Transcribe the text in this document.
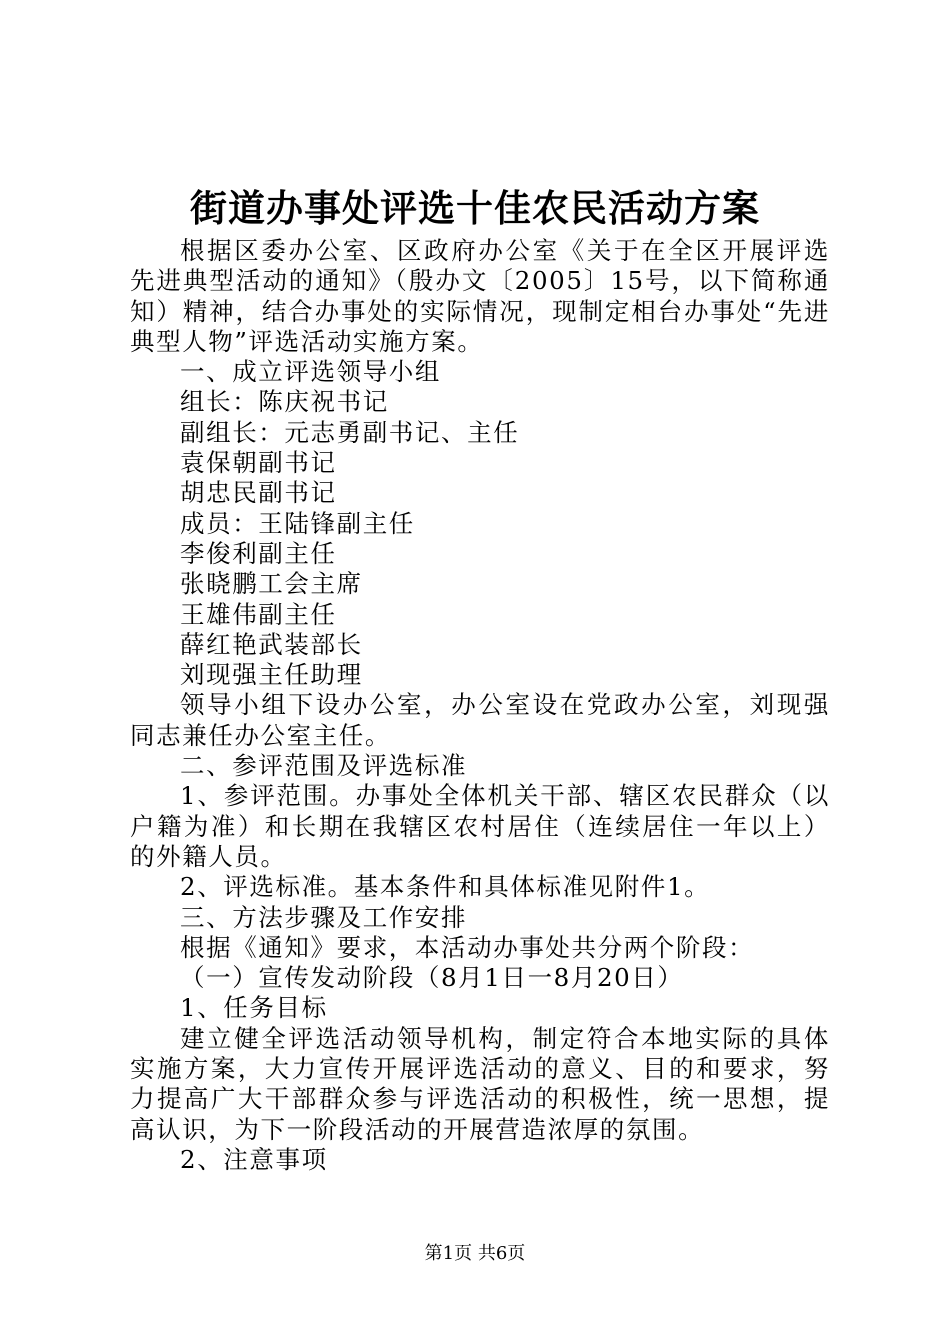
街道办事处评选十佳农民活动方案

根据区委办公室、区政府办公室《关于在全区开展评选先进典型活动的通知》（殷办文〔2005〕15号，以下简称通知）精神，结合办事处的实际情况，现制定相台办事处“先进典型人物”评选活动实施方案。

一、成立评选领导小组

组长：陈庆祝书记

副组长：元志勇副书记、主任

袁保朝副书记

胡忠民副书记

成员：王陆锋副主任

李俊利副主任

张晓鹏工会主席

王雄伟副主任

薛红艳武装部长

刘现强主任助理

领导小组下设办公室，办公室设在党政办公室，刘现强同志兼任办公室主任。

二、参评范围及评选标准

1、参评范围。办事处全体机关干部、辖区农民群众（以户籍为准）和长期在我辖区农村居住（连续居住一年以上）的外籍人员。

2、评选标准。基本条件和具体标准见附件1。

三、方法步骤及工作安排

根据《通知》要求，本活动办事处共分两个阶段：

（一）宣传发动阶段（8月1日一8月20日）

1、任务目标

建立健全评选活动领导机构，制定符合本地实际的具体实施方案，大力宣传开展评选活动的意义、目的和要求，努力提高广大干部群众参与评选活动的积极性，统一思想，提高认识，为下一阶段活动的开展营造浓厚的氛围。

2、注意事项

第1页 共6页
